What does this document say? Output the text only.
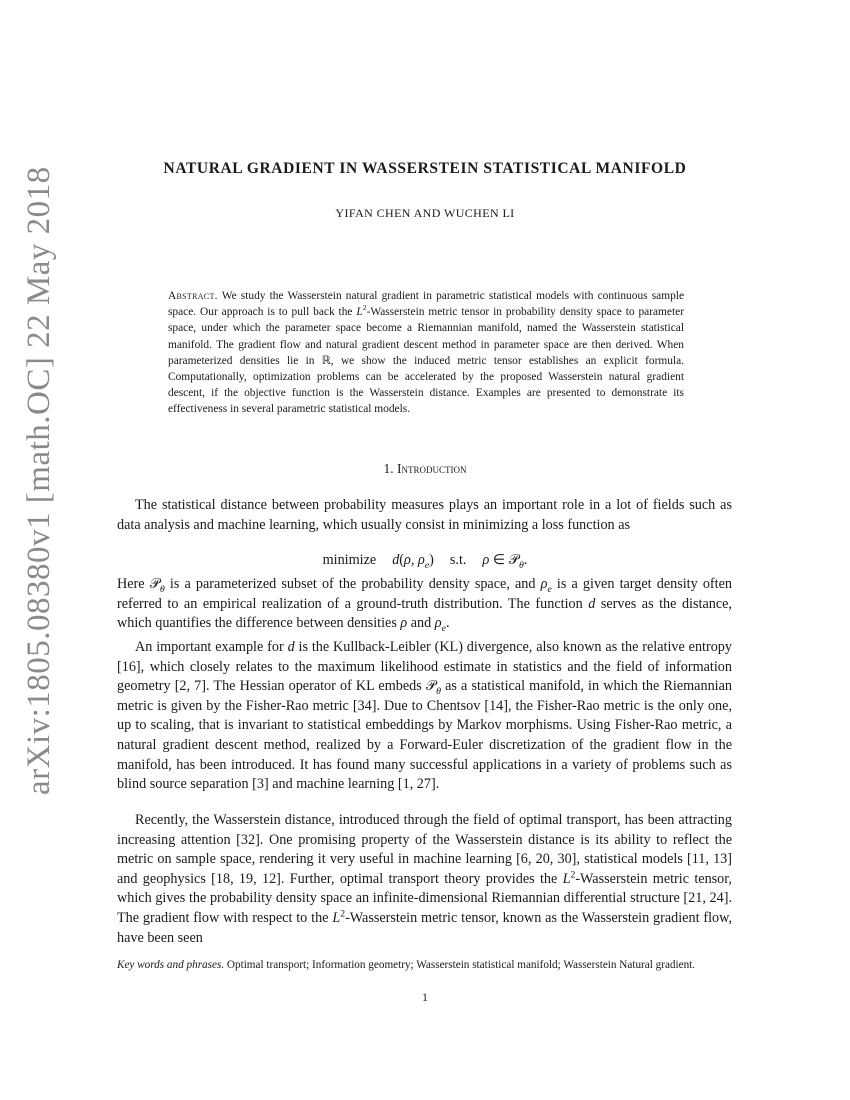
arXiv:1805.08380v1 [math.OC] 22 May 2018	NATURAL GRADIENT IN WASSERSTEIN STATISTICAL MANIFOLD
YIFAN CHEN AND WUCHEN LI
Abstract. We study the Wasserstein natural gradient in parametric statistical models with continuous sample space. Our approach is to pull back the $L^2$-Wasserstein metric tensor in probability density space to parameter space, under which the parameter space become a Riemannian manifold, named the Wasserstein statistical manifold. The gradient flow and natural gradient descent method in parameter space are then derived. When parameterized densities lie in ℝ, we show the induced metric tensor establishes an explicit formula. Computationally, optimization problems can be accelerated by the proposed Wasserstein natural gradient descent, if the objective function is the Wasserstein distance. Examples are presented to demonstrate its effectiveness in several parametric statistical models.
1. Introduction

The statistical distance between probability measures plays an important role in a lot of fields such as data analysis and machine learning, which usually consist in minimizing a loss function as

minimize d(ρ, $\rho_e$) s.t. ρ ∈ 𝒫$_\theta$.

Here 𝒫$_\theta$ is a parameterized subset of the probability density space, and $\rho_e$ is a given target density often referred to an empirical realization of a ground-truth distribution. The function d serves as the distance, which quantifies the difference between densities ρ and $\rho_e$.

An important example for d is the Kullback-Leibler (KL) divergence, also known as the relative entropy [16], which closely relates to the maximum likelihood estimate in statistics and the field of information geometry [2, 7]. The Hessian operator of KL embeds 𝒫$_\theta$ as a statistical manifold, in which the Riemannian metric is given by the Fisher-Rao metric [34]. Due to Chentsov [14], the Fisher-Rao metric is the only one, up to scaling, that is invariant to statistical embeddings by Markov morphisms. Using Fisher-Rao metric, a natural gradient descent method, realized by a Forward-Euler discretization of the gradient flow in the manifold, has been introduced. It has found many successful applications in a variety of problems such as blind source separation [3] and machine learning [1, 27].

Recently, the Wasserstein distance, introduced through the field of optimal transport, has been attracting increasing attention [32]. One promising property of the Wasserstein distance is its ability to reflect the metric on sample space, rendering it very useful in machine learning [6, 20, 30], statistical models [11, 13] and geophysics [18, 19, 12]. Further, optimal transport theory provides the $L^2$-Wasserstein metric tensor, which gives the probability density space an infinite-dimensional Riemannian differential structure [21, 24]. The gradient flow with respect to the $L^2$-Wasserstein metric tensor, known as the Wasserstein gradient flow, have been seen

Key words and phrases. Optimal transport; Information geometry; Wasserstein statistical manifold; Wasserstein Natural gradient.
1
